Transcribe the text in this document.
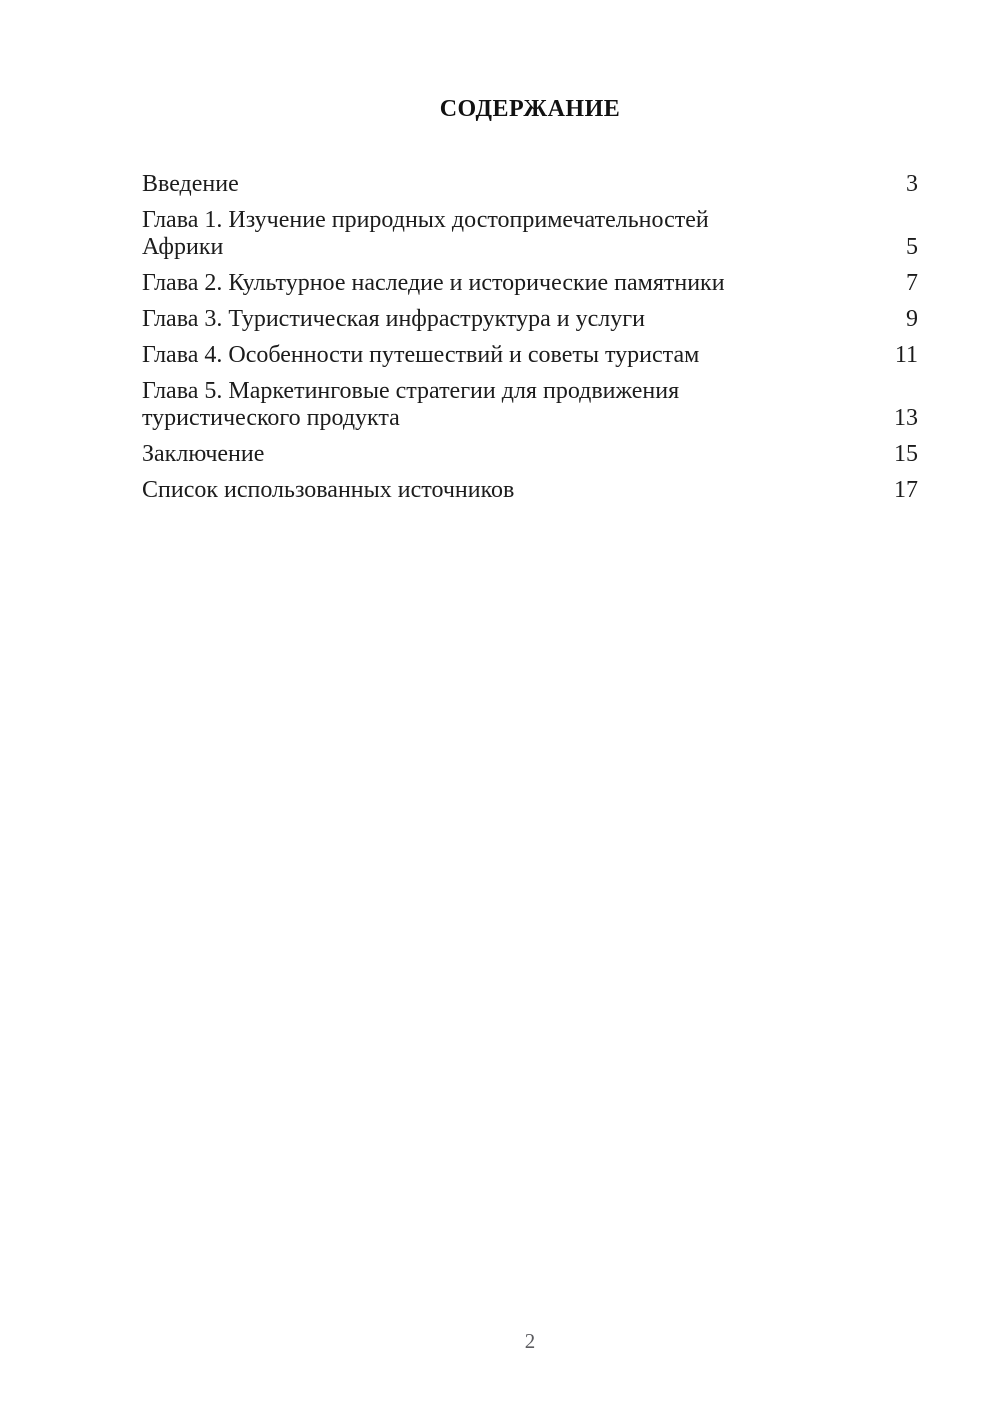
СОДЕРЖАНИЕ
Введение	3
Глава 1. Изучение природных достопримечательностей
Африки	5
Глава 2. Культурное наследие и исторические памятники	7
Глава 3. Туристическая инфраструктура и услуги	9
Глава 4. Особенности путешествий и советы туристам	11
Глава 5. Маркетинговые стратегии для продвижения
туристического продукта	13
Заключение	15
Список использованных источников	17
2
